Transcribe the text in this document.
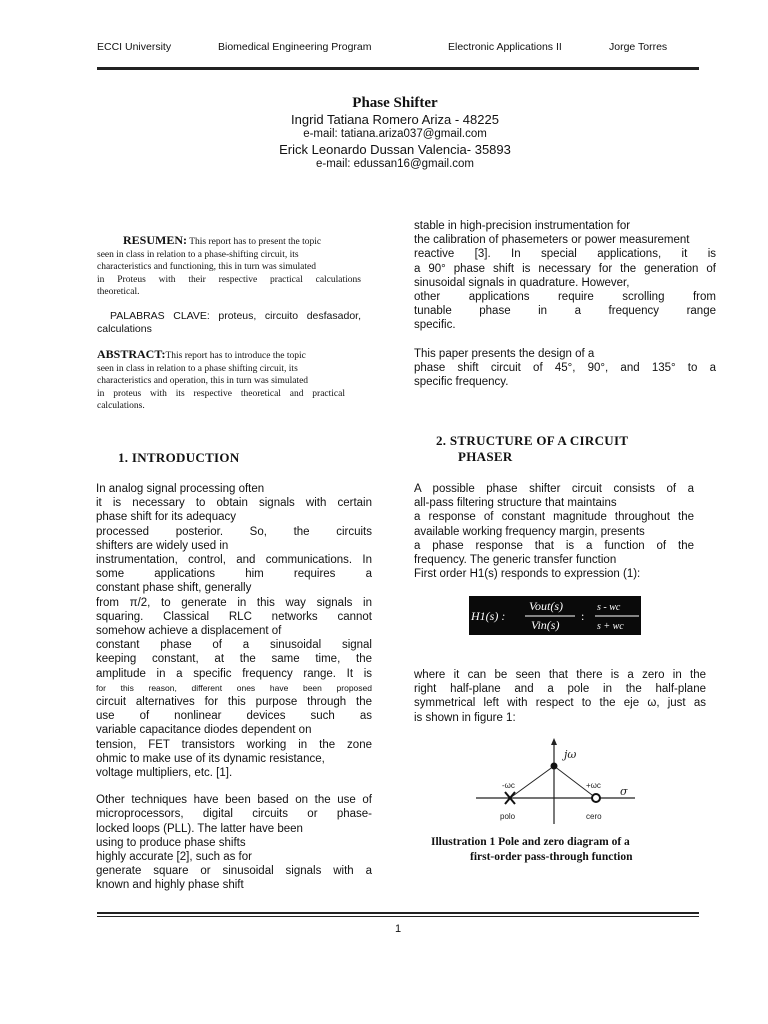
ECCI University	Biomedical Engineering Program	Electronic Applications II	Jorge Torres
Phase Shifter
Ingrid Tatiana Romero Ariza - 48225
e-mail: tatiana.ariza037@gmail.com
Erick Leonardo Dussan Valencia- 35893
e-mail: edussan16@gmail.com
RESUMEN: This report has to present the topic
seen in class in relation to a phase-shifting circuit, its
characteristics and functioning, this in turn was simulated
in Proteus with their respective practical calculations
theoretical.
PALABRAS CLAVE: proteus, circuito desfasador,
calculations
ABSTRACT:This report has to introduce the topic
seen in class in relation to a phase shifting circuit, its
characteristics and operation, this in turn was simulated
in proteus with its respective theoretical and practical
calculations.
1. INTRODUCTION
In analog signal processing often
it is necessary to obtain signals with certain
phase shift for its adequacy
processed posterior. So, the circuits
shifters are widely used in
instrumentation, control, and communications. In
some applications him requires a
constant phase shift, generally
from π/2, to generate in this way signals in
squaring. Classical RLC networks cannot
somehow achieve a displacement of
constant phase of a sinusoidal signal
keeping constant, at the same time, the
amplitude in a specific frequency range. It is
for this reason, different ones have been proposed
circuit alternatives for this purpose through the
use of nonlinear devices such as
variable capacitance diodes dependent on
tension, FET transistors working in the zone
ohmic to make use of its dynamic resistance,
voltage multipliers, etc. [1].
Other techniques have been based on the use of
microprocessors, digital circuits or phase-
locked loops (PLL). The latter have been
using to produce phase shifts
highly accurate [2], such as for
generate square or sinusoidal signals with a
known and highly phase shift
stable in high-precision instrumentation for
the calibration of phasemeters or power measurement
reactive [3]. In special applications, it is
a 90° phase shift is necessary for the generation of
sinusoidal signals in quadrature. However,
other applications require scrolling from
tunable phase in a frequency range
specific.
This paper presents the design of a
phase shift circuit of 45°, 90°, and 135° to a
specific frequency.
2. STRUCTURE OF A CIRCUIT
PHASER
A possible phase shifter circuit consists of a
all-pass filtering structure that maintains
a response of constant magnitude throughout the
available working frequency margin, presents
a phase response that is a function of the
frequency. The generic transfer function
First order H1(s) responds to expression (1):
H1(s) :
Vout(s)
Vin(s)
:
s - wc
s + wc
where it can be seen that there is a zero in the
right half-plane and a pole in the half-plane
symmetrical left with respect to the eje ω, just as
is shown in figure 1:
jω
σ
-ωc	+ωc
polo	cero
Illustration 1 Pole and zero diagram of a
first-order pass-through function
1
